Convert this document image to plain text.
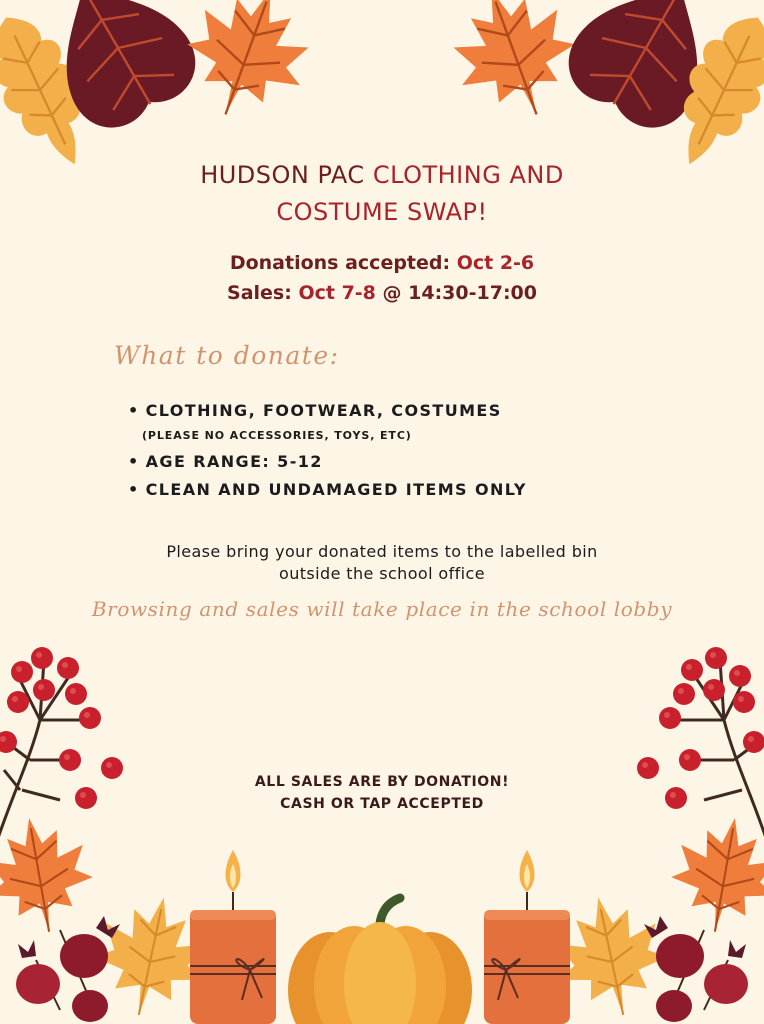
HUDSON PAC CLOTHING AND
COSTUME SWAP!
Donations accepted: Oct 2-6
Sales: Oct 7-8 @ 14:30-17:00
What to donate:
• CLOTHING, FOOTWEAR, COSTUMES
(PLEASE NO ACCESSORIES, TOYS, ETC)
• AGE RANGE: 5-12
• CLEAN AND UNDAMAGED ITEMS ONLY
Please bring your donated items to the labelled bin
outside the school office
Browsing and sales will take place in the school lobby
ALL SALES ARE BY DONATION!
CASH OR TAP ACCEPTED
